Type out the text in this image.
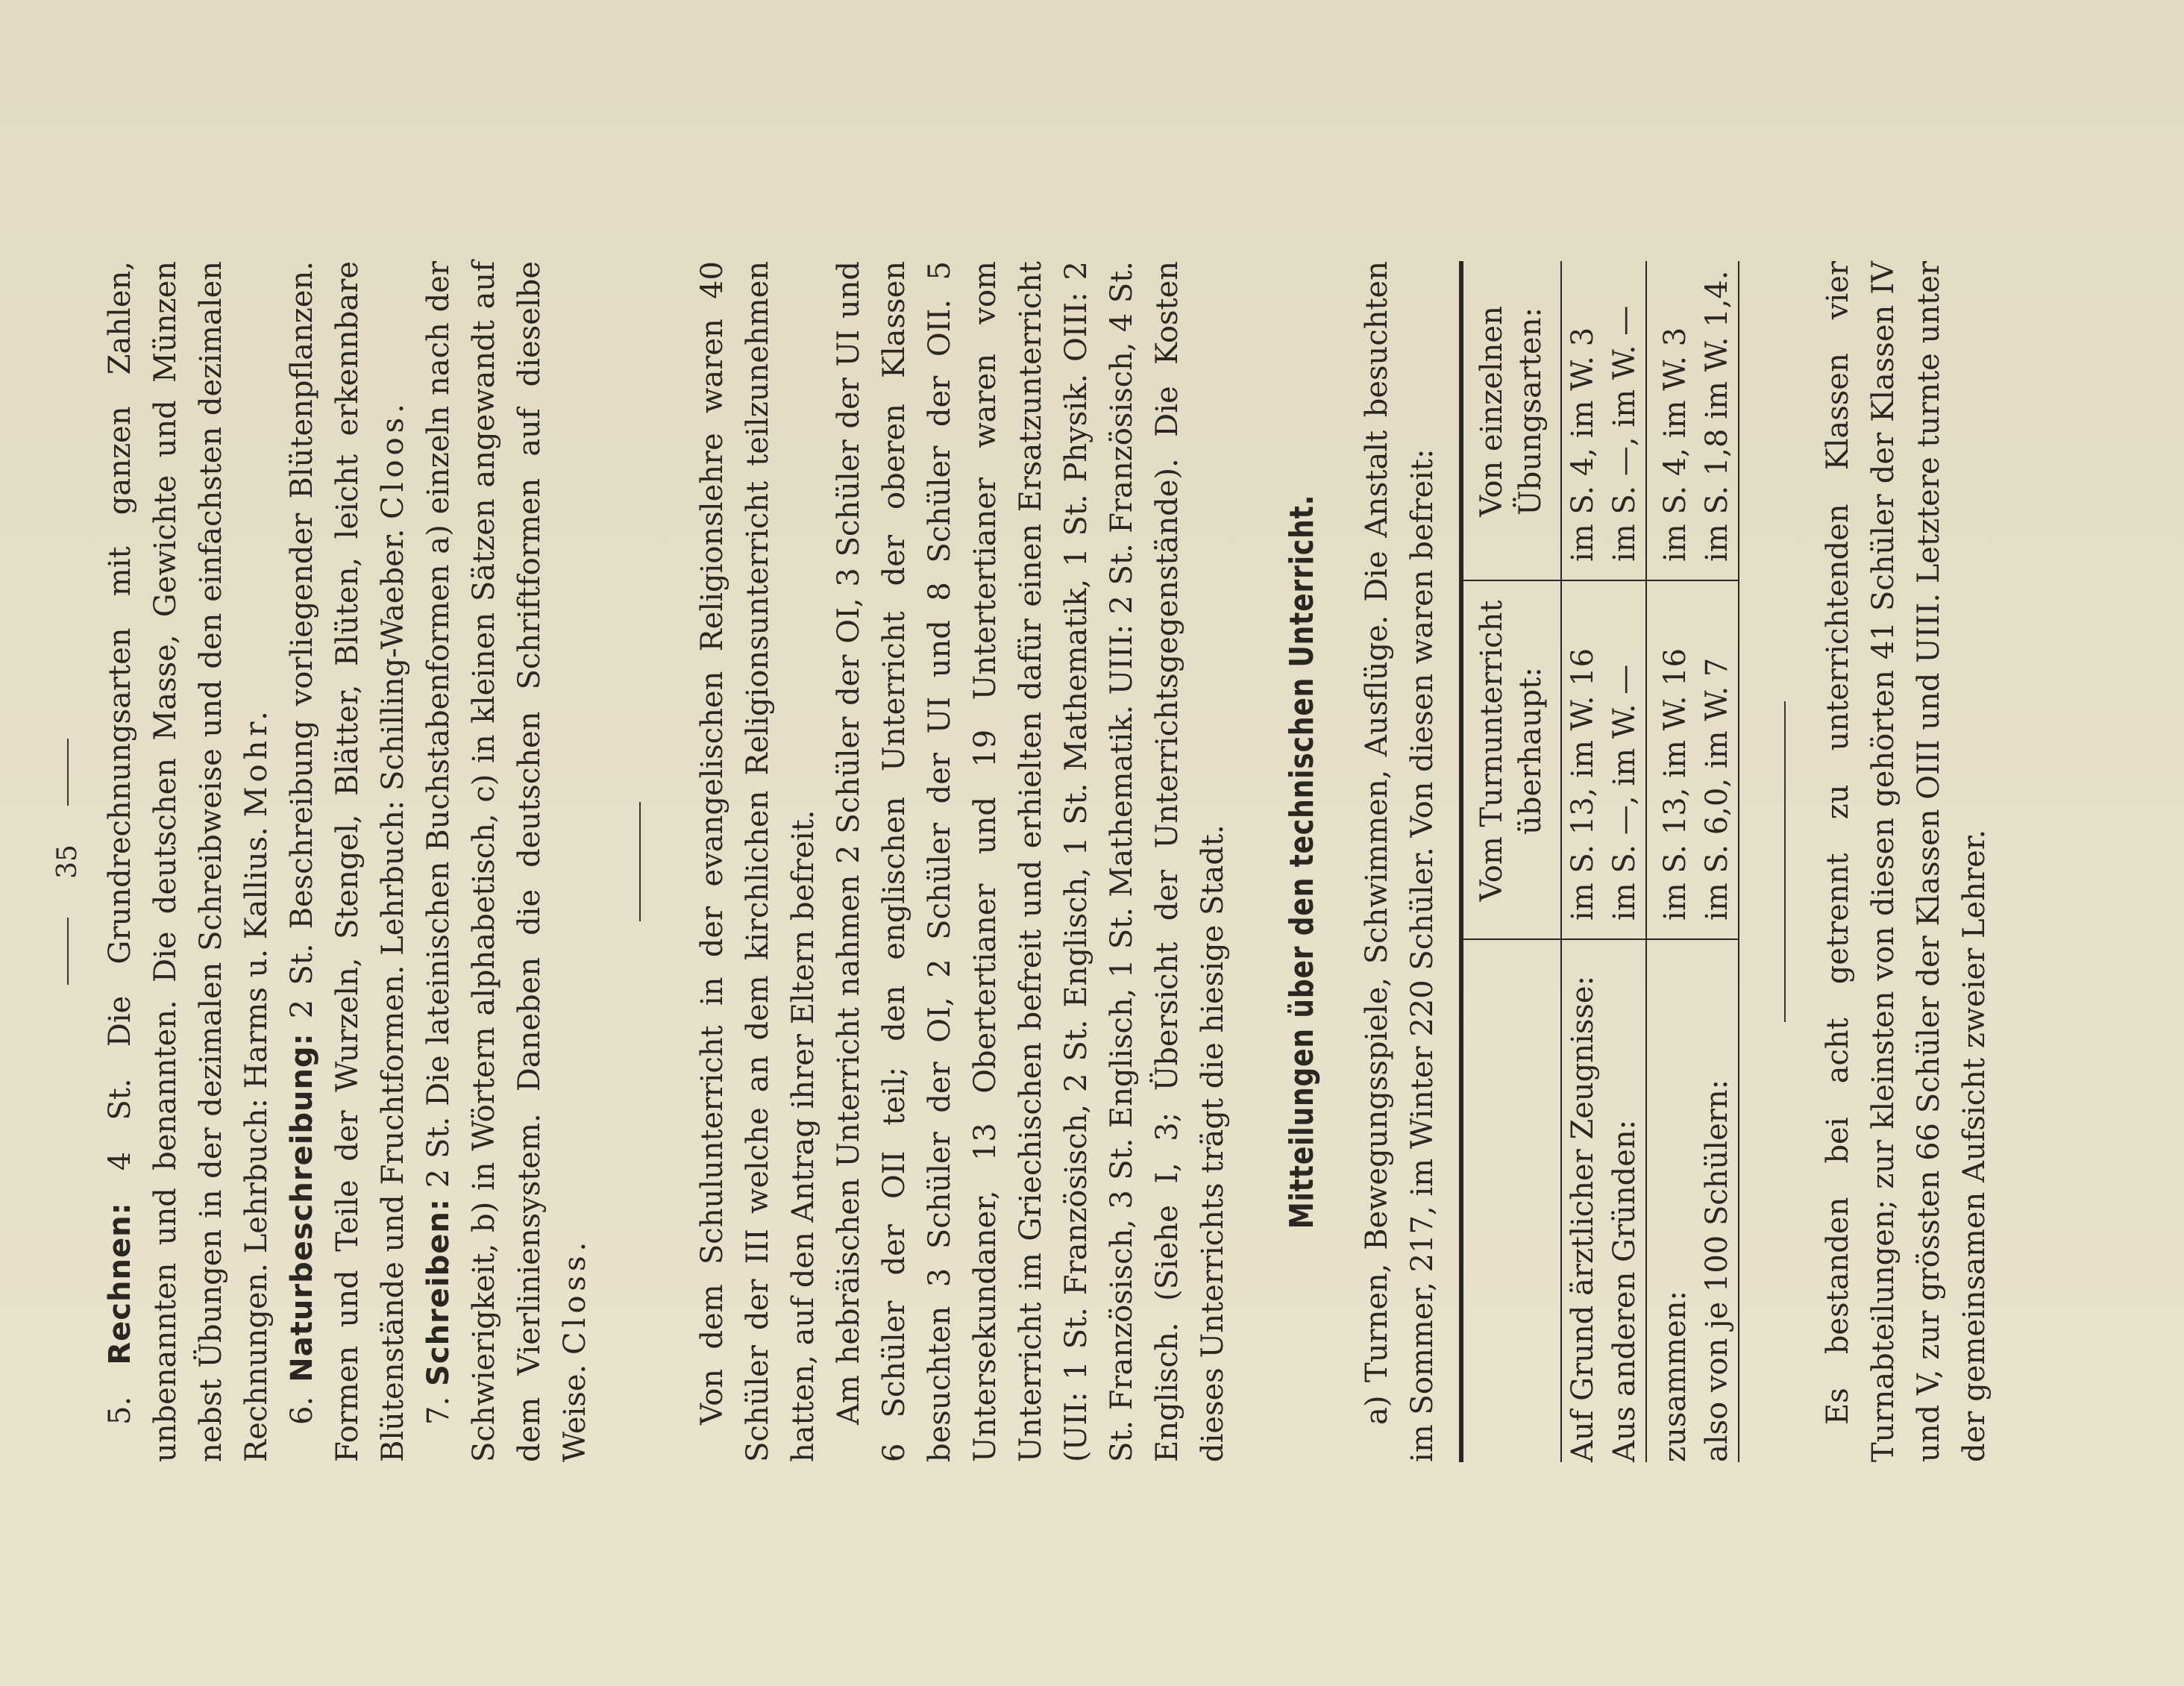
35

5. Rechnen: 4 St. Die Grundrechnungsarten mit ganzen Zahlen, unbenannten und benannten. Die deutschen Masse, Gewichte und Münzen nebst Übungen in der dezimalen Schreibweise und den einfachsten dezimalen Rechnungen. Lehrbuch: Harms u. Kallius. Mohr.

6. Naturbeschreibung: 2 St. Beschreibung vorliegender Blütenpflanzen. Formen und Teile der Wurzeln, Stengel, Blätter, Blüten, leicht erkennbare Blütenstände und Fruchtformen. Lehrbuch: Schilling-Waeber. Cloos.

7. Schreiben: 2 St. Die lateinischen Buchstabenformen a) einzeln nach der Schwierigkeit, b) in Wörtern alphabetisch, c) in kleinen Sätzen angewandt auf dem Vierliniensystem. Daneben die deutschen Schriftformen auf dieselbe Weise. Closs.	Von dem Schulunterricht in der evangelischen Religionslehre waren 40 Schüler der III welche an dem kirchlichen Religionsunterricht teilzunehmen hatten, auf den Antrag ihrer Eltern befreit. Am hebräischen Unterricht nahmen 2 Schüler der OI, 3 Schüler der UI und 6 Schüler der OII teil; den englischen Unterricht der oberen Klassen besuchten 3 Schüler der OI, 2 Schüler der UI und 8 Schüler der OII. 5 Untersekundaner, 13 Obertertianer und 19 Untertertianer waren vom Unterricht im Griechischen befreit und erhielten dafür einen Ersatzunterricht (UII: 1 St. Französisch, 2 St. Englisch, 1 St. Mathematik, 1 St. Physik. OIII: 2 St. Französisch, 3 St. Englisch, 1 St. Mathematik. UIII: 2 St. Französisch, 4 St. Englisch. (Siehe I, 3; Übersicht der Unterrichtsgegenstände). Die Kosten dieses Unterrichts trägt die hiesige Stadt. Mitteilungen über den technischen Unterricht. a) Turnen, Bewegungsspiele, Schwimmen, Ausflüge. Die Anstalt besuchten im Sommer, 217, im Winter 220 Schüler. Von diesen waren befreit:

	Vom Turnunterricht überhaupt:	Von einzelnen Übungsarten:
Auf Grund ärztlicher Zeugnisse:	im S. 13, im W. 16	im S. 4, im W. 3
Aus anderen Gründen:	im S. —, im W. —	im S. —, im W. —
zusammen:	im S. 13, im W. 16	im S. 4, im W. 3
also von je 100 Schülern:	im S. 6,0, im W. 7	im S. 1,8 im W. 1,4.	Es bestanden bei acht getrennt zu unterrichtenden Klassen vier Turnabteilungen; zur kleinsten von diesen gehörten 41 Schüler der Klassen IV und V, zur grössten 66 Schüler der Klassen OIII und UIII. Letztere turnte unter der gemeinsamen Aufsicht zweier Lehrer.
